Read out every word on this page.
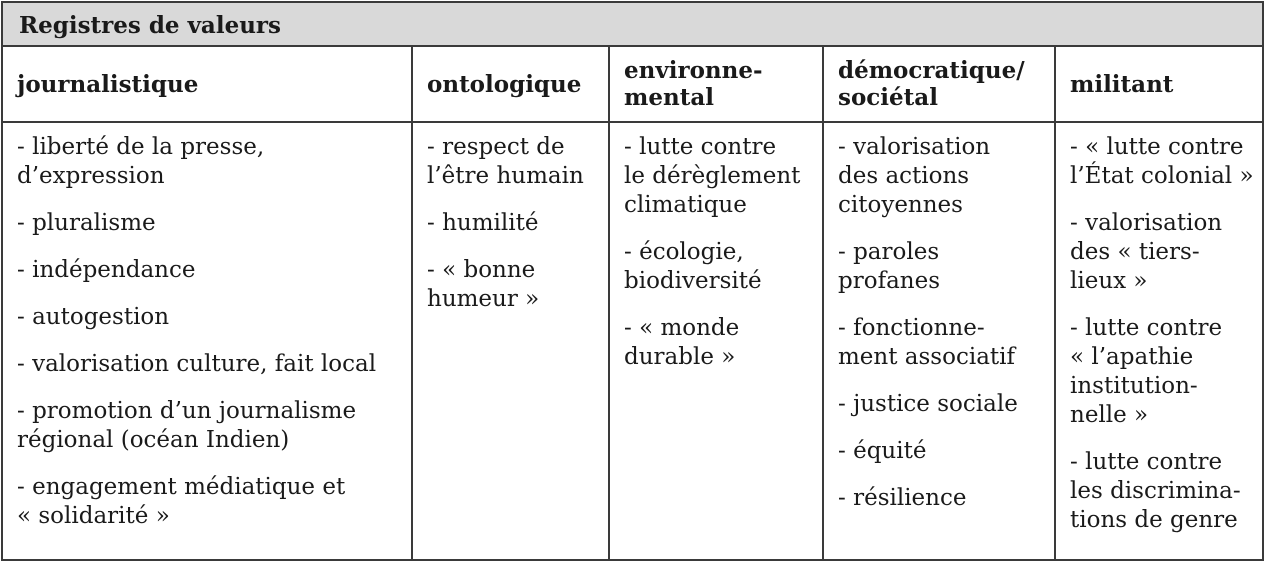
Registres de valeurs
journalistique
- liberté de la presse,
d’expression
- pluralisme
- indépendance
- autogestion
- valorisation culture, fait local
- promotion d’un journalisme
régional (océan Indien)
- engagement médiatique et
« solidarité »
ontologique
- respect de
l’être humain
- humilité
- « bonne
humeur »
environne-
mental
- lutte contre
le dérèglement
climatique
- écologie,
biodiversité
- « monde
durable »
démocratique/
sociétal
- valorisation
des actions
citoyennes
- paroles
profanes
- fonctionne-
ment associatif
- justice sociale
- équité
- résilience
militant
- « lutte contre
l’État colonial »
- valorisation
des « tiers-
lieux »
- lutte contre
« l’apathie
institution-
nelle »
- lutte contre
les discrimina-
tions de genre
